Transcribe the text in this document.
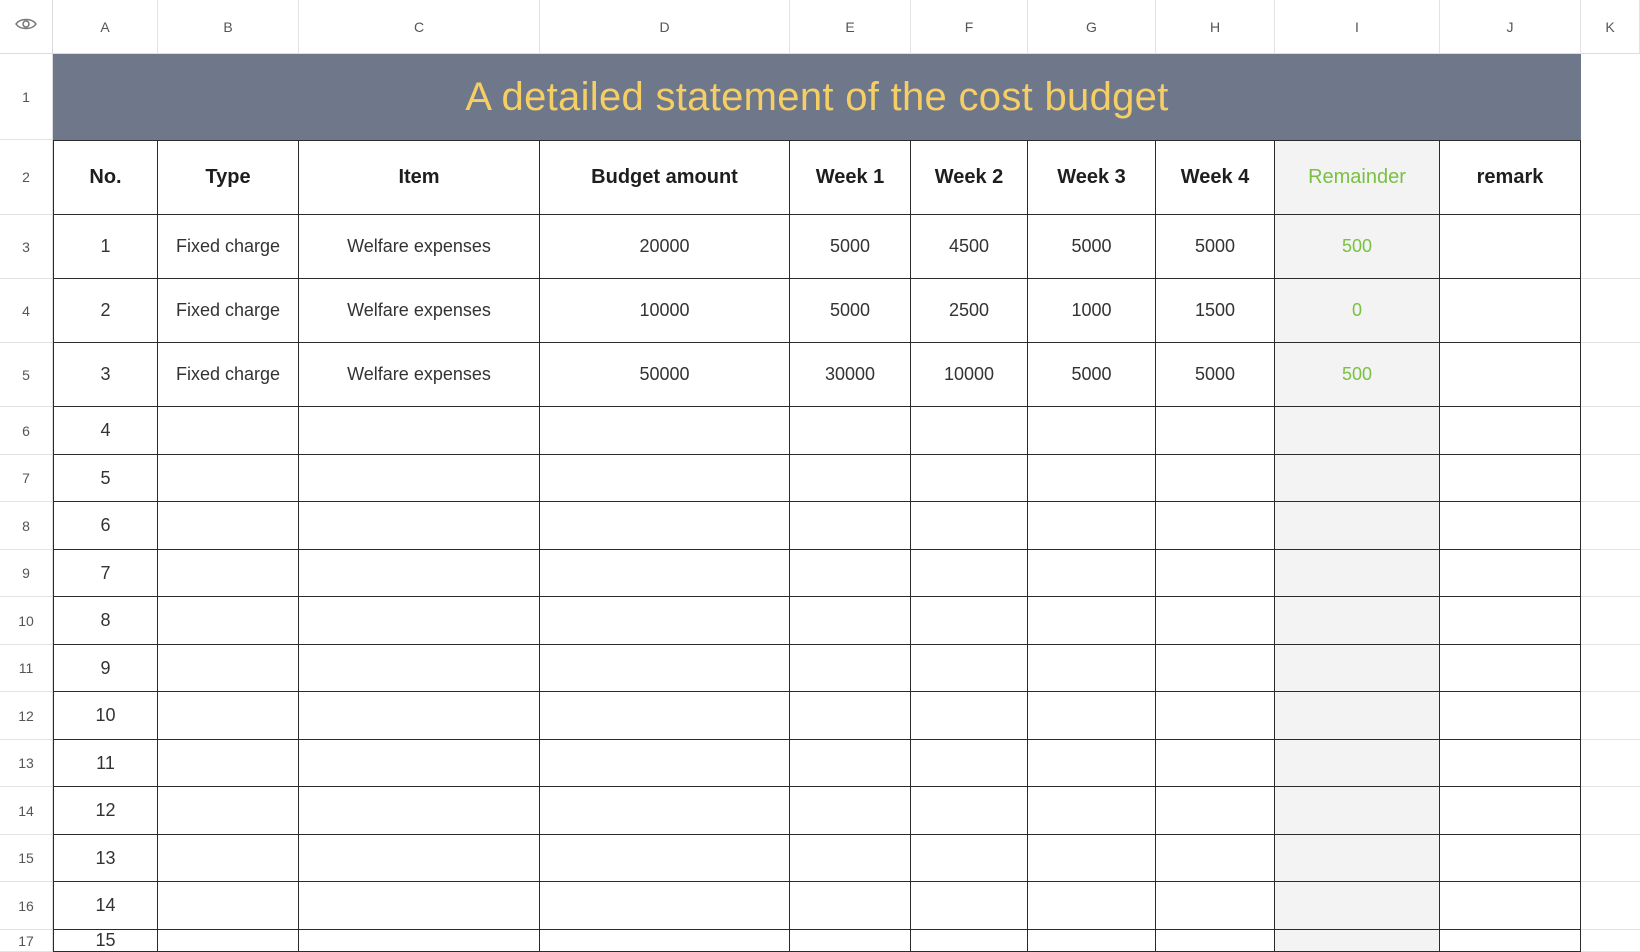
A	B	C	D	E	F	G	H	I	J	K
1
2
3
4
5
6
7
8
9
10
11
12
13
14
15
16
17
A detailed statement of the cost budget
No.	Type	Item	Budget amount	Week 1	Week 2	Week 3	Week 4	Remainder	remark
1	Fixed charge	Welfare expenses	20000	5000	4500	5000	5000	500
2	Fixed charge	Welfare expenses	10000	5000	2500	1000	1500	0
3	Fixed charge	Welfare expenses	50000	30000	10000	5000	5000	500
4
5
6
7
8
9
10
11
12
13
14
15
